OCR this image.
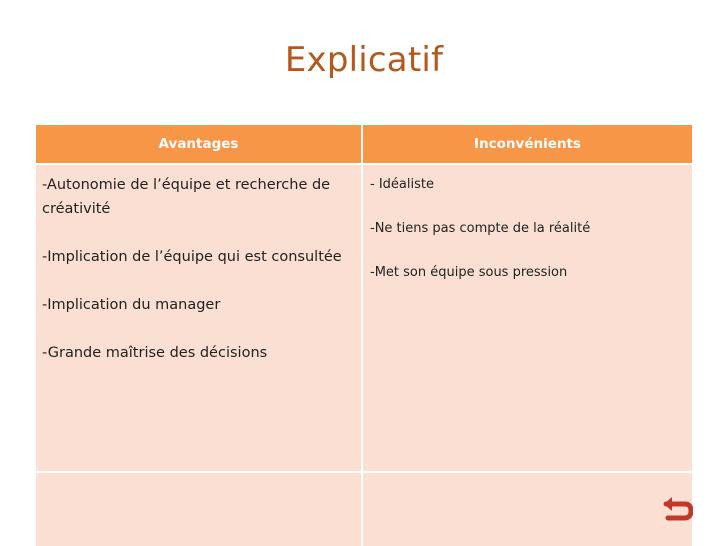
Explicatif
Avantages	Inconvénients
-Autonomie de l’équipe et recherche de créativité
-Implication de l’équipe qui est consultée
-Implication du manager
-Grande maîtrise des décisions
- Idéaliste
-Ne tiens pas compte de la réalité
-Met son équipe sous pression
